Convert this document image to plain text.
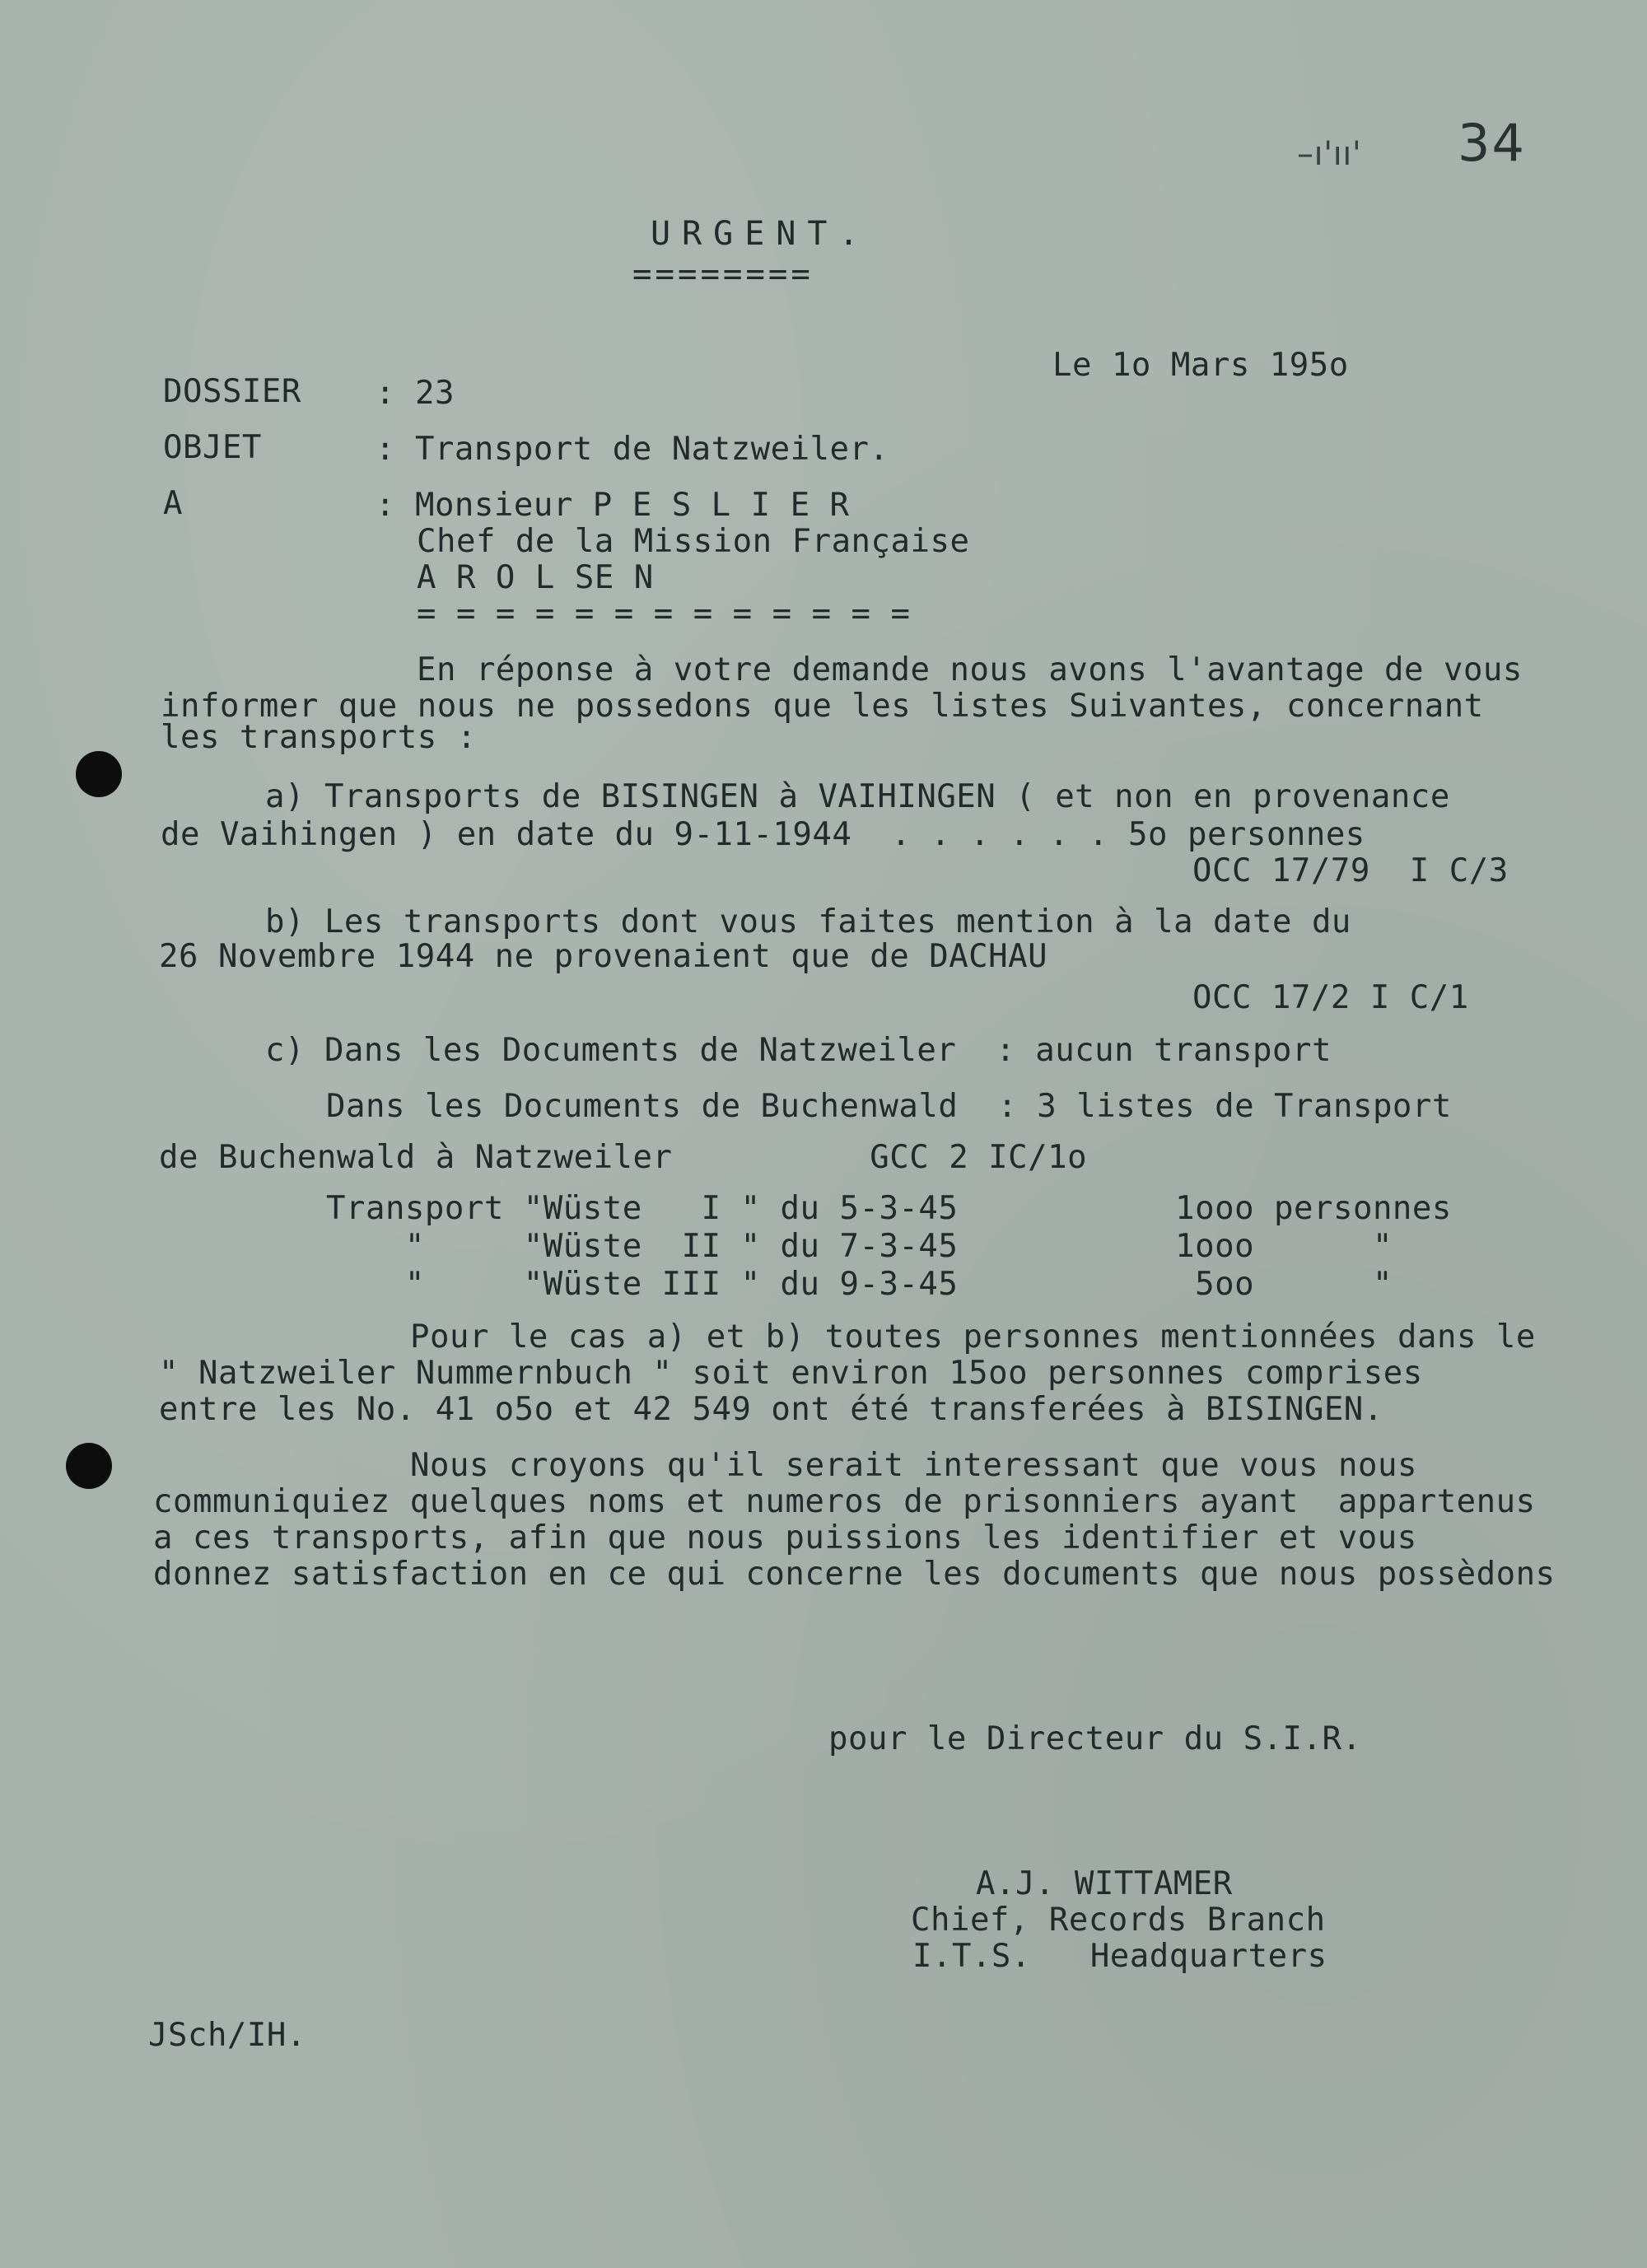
–ı'ıı' 34
URGENT.
========
Le 1o Mars 195o
DOSSIER : 23
OBJET	: Transport de Natzweiler.
A	: Monsieur P E S L I E R
Chef de la Mission Française
A R O L SE N
= = = = = = = = = = = = =
En réponse à votre demande nous avons l'avantage de vous
informer que nous ne possedons que les listes Suivantes, concernant
les transports :
a) Transports de BISINGEN à VAIHINGEN ( et non en provenance
de Vaihingen ) en date du 9-11-1944  . . . . . . 5o personnes
OCC 17/79  I C/3
b) Les transports dont vous faites mention à la date du
26 Novembre 1944 ne provenaient que de DACHAU
OCC 17/2 I C/1
c) Dans les Documents de Natzweiler  : aucun transport
Dans les Documents de Buchenwald  : 3 listes de Transport
de Buchenwald à Natzweiler          GCC 2 IC/1o
Transport "Wüste   I " du 5-3-45           1ooo personnes
"     "Wüste  II " du 7-3-45           1ooo      "
"     "Wüste III " du 9-3-45            5oo      "
Pour le cas a) et b) toutes personnes mentionnées dans le
" Natzweiler Nummernbuch " soit environ 15oo personnes comprises
entre les No. 41 o5o et 42 549 ont été transferées à BISINGEN.
Nous croyons qu'il serait interessant que vous nous
communiquiez quelques noms et numeros de prisonniers ayant  appartenus
a ces transports, afin que nous puissions les identifier et vous
donnez satisfaction en ce qui concerne les documents que nous possèdons
pour le Directeur du S.I.R.
A.J. WITTAMER
Chief, Records Branch
I.T.S.   Headquarters
JSch/IH.
